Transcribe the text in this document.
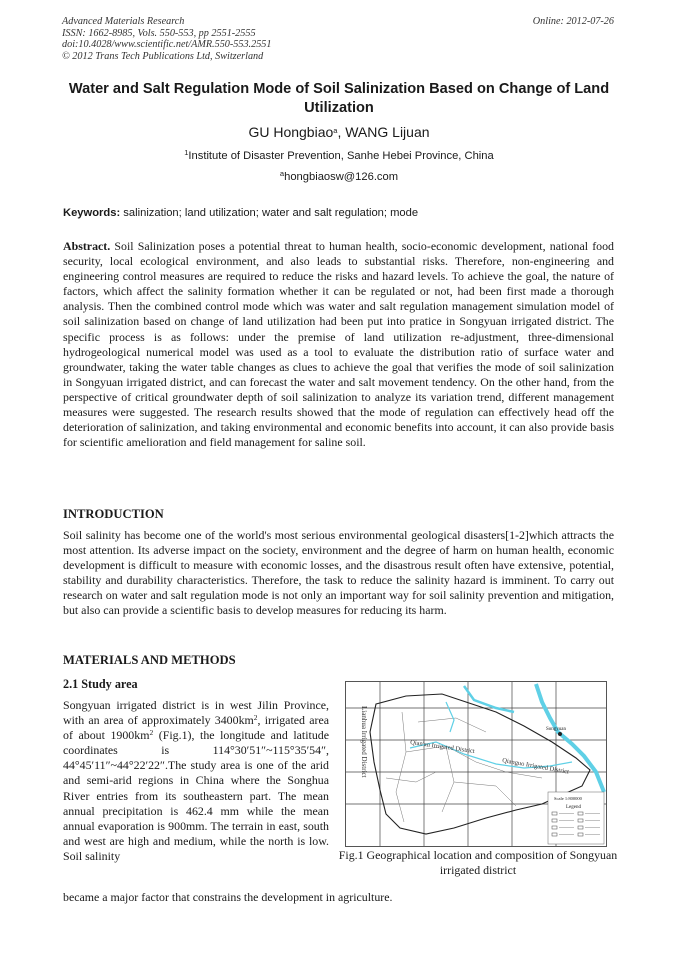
Advanced Materials Research
ISSN: 1662-8985, Vols. 550-553, pp 2551-2555
doi:10.4028/www.scientific.net/AMR.550-553.2551
© 2012 Trans Tech Publications Ltd, Switzerland
Online: 2012-07-26
Water and Salt Regulation Mode of Soil Salinization Based on Change of Land Utilization
GU Hongbiao$^a$, WANG Lijuan
$^1$Institute of Disaster Prevention, Sanhe Hebei Province, China
$^a$hongbiaosw@126.com
Keywords: salinization; land utilization; water and salt regulation; mode
Abstract. Soil Salinization poses a potential threat to human health, socio-economic development, national food security, local ecological environment, and also leads to substantial risks. Therefore, non-engineering and engineering control measures are required to reduce the risks and hazard levels. To achieve the goal, the nature of factors, which affect the salinity formation whether it can be regulated or not, had been first made a thorough analysis. Then the combined control mode which was water and salt regulation management simulation model of soil salinization based on change of land utilization had been put into pratice in Songyuan irrigated district. The specific process is as follows: under the premise of land utilization re-adjustment, three-dimensional hydrogeological numerical model was used as a tool to evaluate the distribution ratio of surface water and groundwater, taking the water table changes as clues to achieve the goal that verifies the mode of soil salinization in Songyuan irrigated district, and can forecast the water and salt movement tendency. On the other hand, from the perspective of critical groundwater depth of soil salinization to analyze its variation trend, different management measures were suggested. The research results showed that the mode of regulation can effectively head off the deterioration of salinization, and taking environmental and economic benefits into account, it can also provide basis for scientific amelioration and field management for saline soil.
INTRODUCTION
Soil salinity has become one of the world's most serious environmental geological disasters[1-2]which attracts the most attention. Its adverse impact on the society, environment and the degree of harm on human health, economic development is difficult to measure with economic losses, and the disastrous result often have extensive, potential, stability and durability characteristics. Therefore, the task to reduce the salinity hazard is imminent. To carry out research on water and salt regulation mode is not only an important way for soil salinity prevention and mitigation, but also can provide a scientific basis to develop measures for reducing its harm.
MATERIALS AND METHODS
2.1 Study area
Songyuan irrigated district is in west Jilin Province, with an area of approximately $3400km^2$, irrigated area of about $1900km^2$ (Fig.1), the longitude and latitude coordinates is 114°30′51″~115°35′54″, 44°45′11″~44°22′22″.The study area is one of the arid and semi-arid regions in China where the Songhua River entries from its southeastern part. The mean annual precipitation is 462.4 mm while the mean annual evaporation is 900mm. The terrain in east, south and west are high and medium, while the north is low. Soil salinity
became a major factor that constrains the development in agriculture.
Songyuan
Lianhua Irrigated District	Qian'an Irrigated District
Qianguo Irrigated District
Scale 1:800000
Legend
Fig.1 Geographical location and composition of Songyuan irrigated district
